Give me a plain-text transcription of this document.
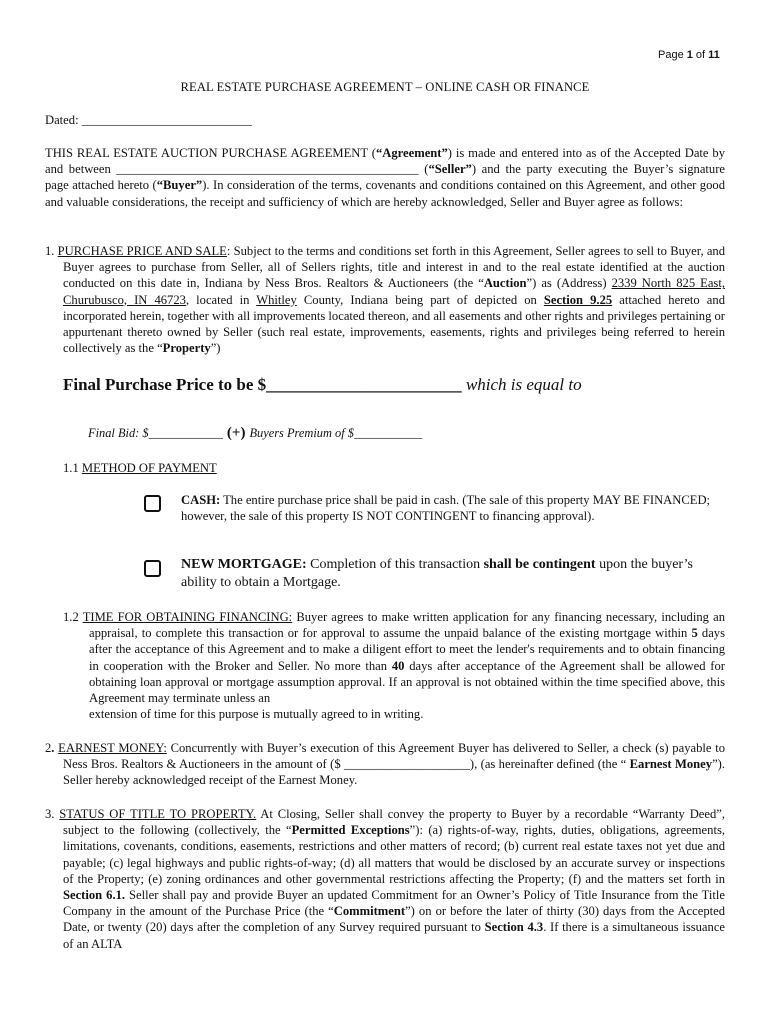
Page 1 of 11
REAL ESTATE PURCHASE AGREEMENT – ONLINE CASH OR FINANCE
Dated: ___________________________
THIS REAL ESTATE AUCTION PURCHASE AGREEMENT (“Agreement”) is made and entered into as of the Accepted Date by and between ________________________________________________ (“Seller”) and the party executing the Buyer’s signature page attached hereto (“Buyer”). In consideration of the terms, covenants and conditions contained on this Agreement, and other good and valuable considerations, the receipt and sufficiency of which are hereby acknowledged, Seller and Buyer agree as follows:
1. PURCHASE PRICE AND SALE: Subject to the terms and conditions set forth in this Agreement, Seller agrees to sell to Buyer, and Buyer agrees to purchase from Seller, all of Sellers rights, title and interest in and to the real estate identified at the auction conducted on this date in, Indiana by Ness Bros. Realtors & Auctioneers (the “Auction”) as (Address) 2339 North 825 East, Churubusco, IN 46723, located in Whitley County, Indiana being part of depicted on Section 9.25 attached hereto and incorporated herein, together with all improvements located thereon, and all easements and other rights and privileges pertaining or appurtenant thereto owned by Seller (such real estate, improvements, easements, rights and privileges being referred to herein collectively as the “Property”)
Final Purchase Price to be $_______________________ which is equal to
Final Bid: $____________ (+) Buyers Premium of $___________
1.1 METHOD OF PAYMENT
CASH: The entire purchase price shall be paid in cash. (The sale of this property MAY BE FINANCED; however, the sale of this property IS NOT CONTINGENT to financing approval).
NEW MORTGAGE: Completion of this transaction shall be contingent upon the buyer’s ability to obtain a Mortgage.
1.2 TIME FOR OBTAINING FINANCING: Buyer agrees to make written application for any financing necessary, including an appraisal, to complete this transaction or for approval to assume the unpaid balance of the existing mortgage within 5 days after the acceptance of this Agreement and to make a diligent effort to meet the lender's requirements and to obtain financing in cooperation with the Broker and Seller. No more than 40 days after acceptance of the Agreement shall be allowed for obtaining loan approval or mortgage assumption approval. If an approval is not obtained within the time specified above, this Agreement may terminate unless an
extension of time for this purpose is mutually agreed to in writing.
2. EARNEST MONEY: Concurrently with Buyer’s execution of this Agreement Buyer has delivered to Seller, a check (s) payable to Ness Bros. Realtors & Auctioneers in the amount of ($ ____________________), (as hereinafter defined (the “ Earnest Money”). Seller hereby acknowledged receipt of the Earnest Money.
3. STATUS OF TITLE TO PROPERTY. At Closing, Seller shall convey the property to Buyer by a recordable “Warranty Deed”, subject to the following (collectively, the “Permitted Exceptions”): (a) rights-of-way, rights, duties, obligations, agreements, limitations, covenants, conditions, easements, restrictions and other matters of record; (b) current real estate taxes not yet due and payable; (c) legal highways and public rights-of-way; (d) all matters that would be disclosed by an accurate survey or inspections of the Property; (e) zoning ordinances and other governmental restrictions affecting the Property; (f) and the matters set forth in Section 6.1. Seller shall pay and provide Buyer an updated Commitment for an Owner’s Policy of Title Insurance from the Title Company in the amount of the Purchase Price (the “Commitment”) on or before the later of thirty (30) days from the Accepted Date, or twenty (20) days after the completion of any Survey required pursuant to Section 4.3. If there is a simultaneous issuance of an ALTA
